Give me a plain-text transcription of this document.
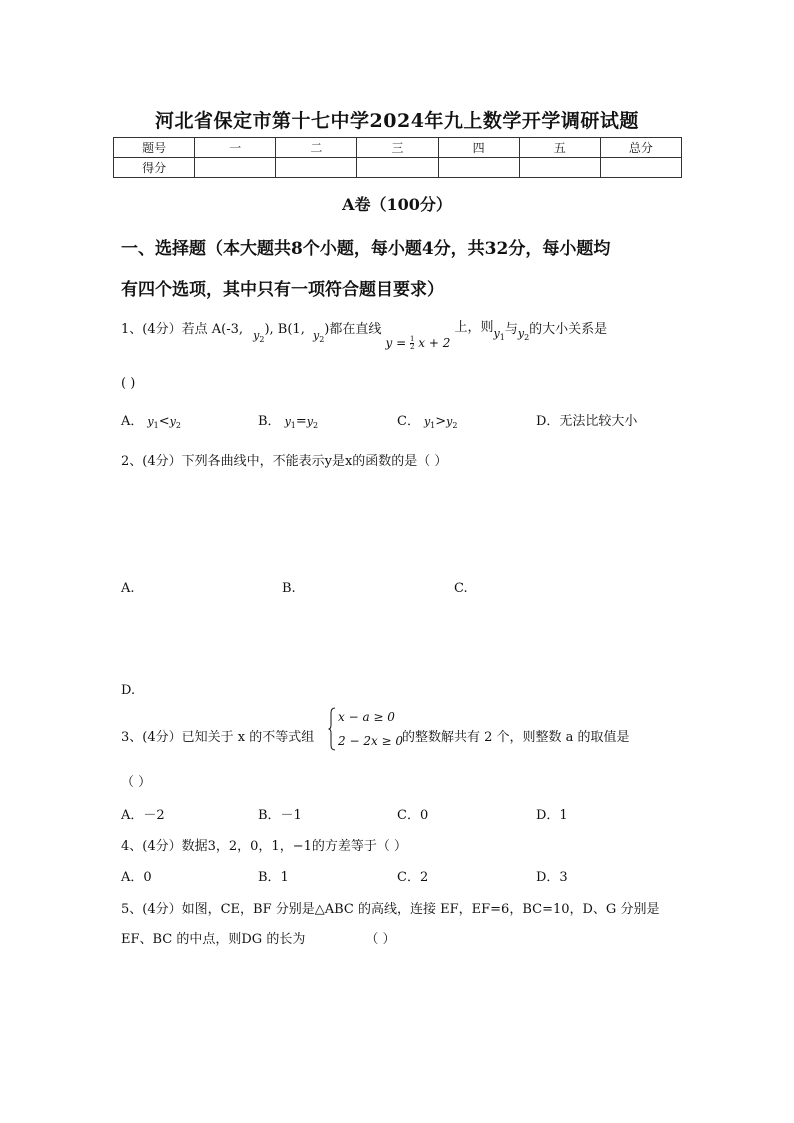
河北省保定市第十七中学2024年九上数学开学调研试题
题号	一	二	三	四	五	总分
得分						
A卷（100分）
一、选择题（本大题共8个小题，每小题4分，共32分，每小题均
有四个选项，其中只有一项符合题目要求）
1、(4分）若点 A(-3, $_{y_2}$), B(1, $_{y_2}$)都在直线 $y = \frac{1}{2}$ x + 2 上，则$_{y_1}$与$_{y_2}$的大小关系是
( )
A． $y_1<y_2$	B． $y_1=y_2$	C． $y_1>y_2$	D．无法比较大小
2、(4分）下列各曲线中，不能表示y是x的函数的是（ ）
A.	B.	C.
D.
3、(4分）已知关于 x 的不等式组
x − a ≥ 0
2 − 2x ≥ 0
的整数解共有 2 个，则整数 a 的取值是
（ ）
A．－2	B．－1	C．0	D．1
4、(4分）数据3，2，0，1，−1的方差等于（ ）
A．0	B．1	C．2	D．3
5、(4分）如图，CE，BF 分别是△ABC 的高线，连接 EF，EF=6，BC=10，D、G 分别是
EF、BC 的中点，则DG 的长为	（ ）
